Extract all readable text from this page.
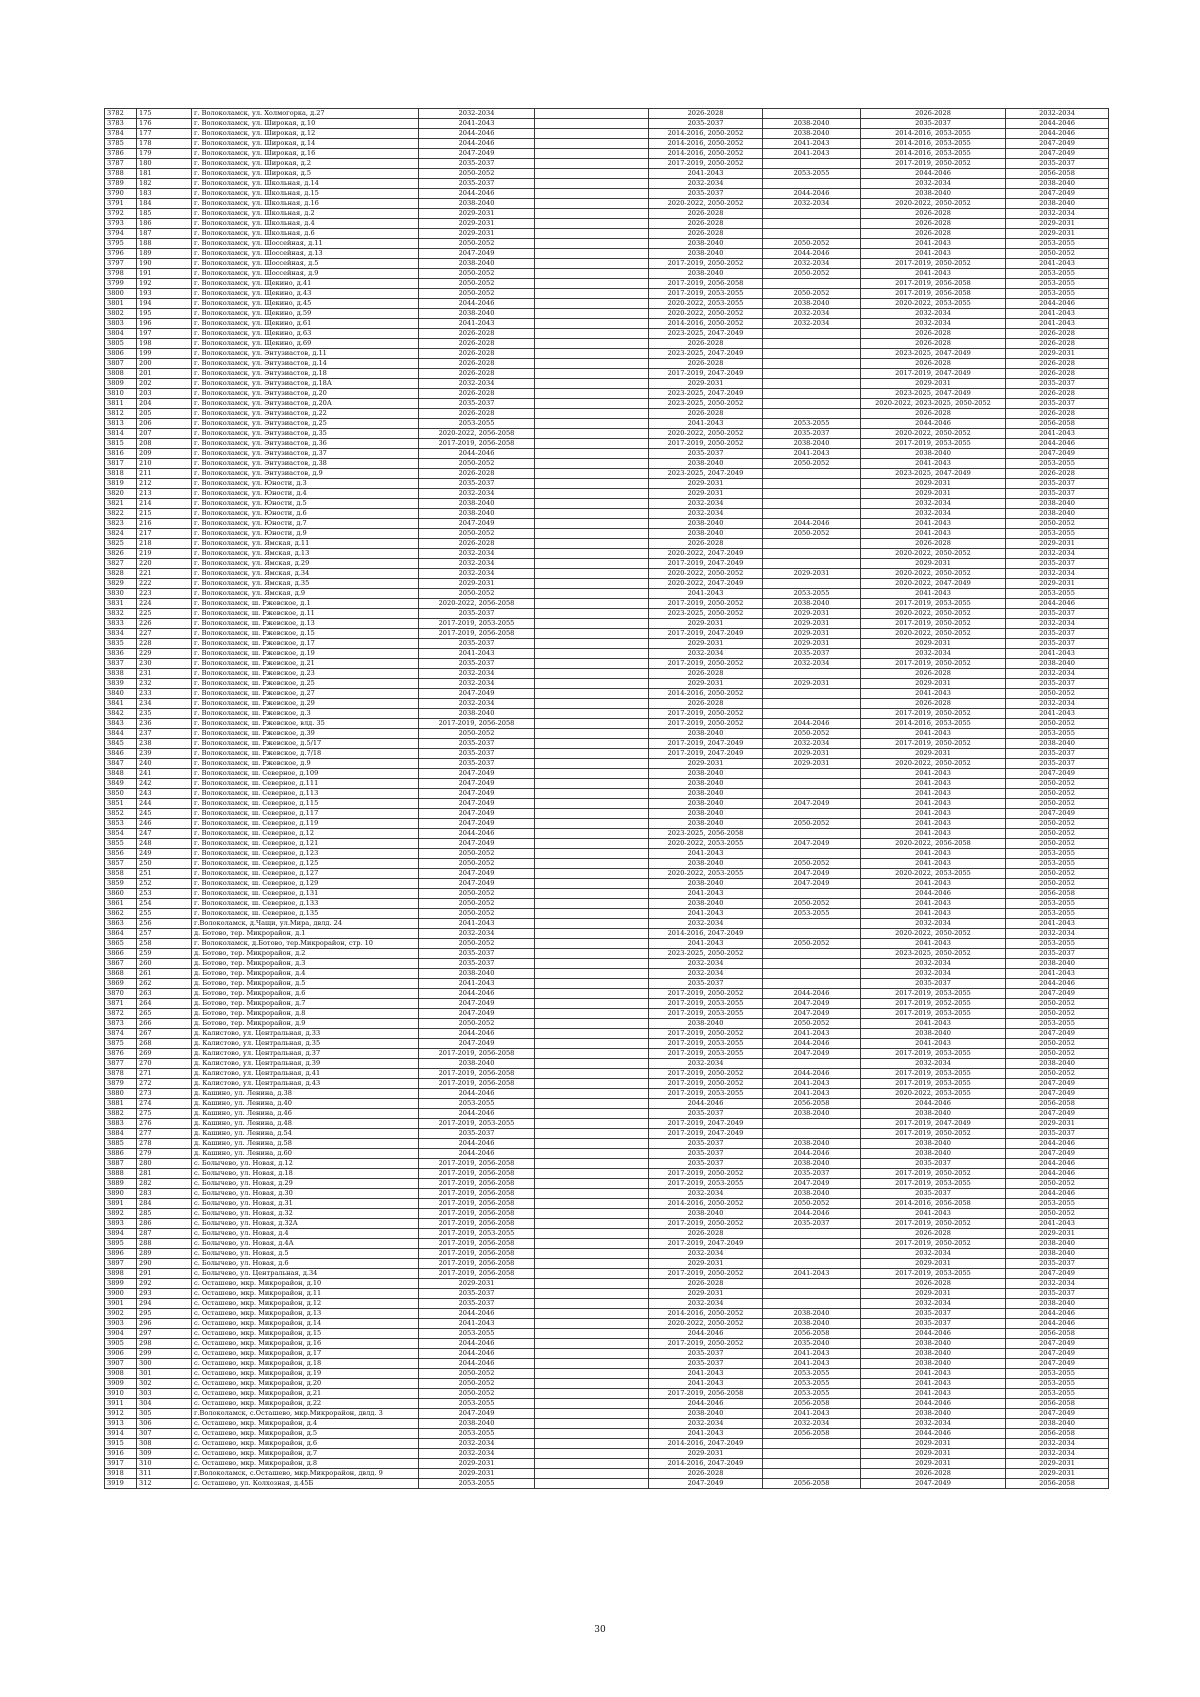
3782	175	г. Волоколамск, ул. Холмогорка, д.27	2032-2034		2026-2028		2026-2028	2032-2034
3783	176	г. Волоколамск, ул. Широкая, д.10	2041-2043		2035-2037	2038-2040	2035-2037	2044-2046
3784	177	г. Волоколамск, ул. Широкая, д.12	2044-2046		2014-2016, 2050-2052	2038-2040	2014-2016, 2053-2055	2044-2046
3785	178	г. Волоколамск, ул. Широкая, д.14	2044-2046		2014-2016, 2050-2052	2041-2043	2014-2016, 2053-2055	2047-2049
3786	179	г. Волоколамск, ул. Широкая, д.16	2047-2049		2014-2016, 2050-2052	2041-2043	2014-2016, 2053-2055	2047-2049
3787	180	г. Волоколамск, ул. Широкая, д.2	2035-2037		2017-2019, 2050-2052		2017-2019, 2050-2052	2035-2037
3788	181	г. Волоколамск, ул. Широкая, д.5	2050-2052		2041-2043	2053-2055	2044-2046	2056-2058
3789	182	г. Волоколамск, ул. Школьная, д.14	2035-2037		2032-2034		2032-2034	2038-2040
3790	183	г. Волоколамск, ул. Школьная, д.15	2044-2046		2035-2037	2044-2046	2038-2040	2047-2049
3791	184	г. Волоколамск, ул. Школьная, д.16	2038-2040		2020-2022, 2050-2052	2032-2034	2020-2022, 2050-2052	2038-2040
3792	185	г. Волоколамск, ул. Школьная, д.2	2029-2031		2026-2028		2026-2028	2032-2034
3793	186	г. Волоколамск, ул. Школьная, д.4	2029-2031		2026-2028		2026-2028	2029-2031
3794	187	г. Волоколамск, ул. Школьная, д.6	2029-2031		2026-2028		2026-2028	2029-2031
3795	188	г. Волоколамск, ул. Шоссейная, д.11	2050-2052		2038-2040	2050-2052	2041-2043	2053-2055
3796	189	г. Волоколамск, ул. Шоссейная, д.13	2047-2049		2038-2040	2044-2046	2041-2043	2050-2052
3797	190	г. Волоколамск, ул. Шоссейная, д.5	2038-2040		2017-2019, 2050-2052	2032-2034	2017-2019, 2050-2052	2041-2043
3798	191	г. Волоколамск, ул. Шоссейная, д.9	2050-2052		2038-2040	2050-2052	2041-2043	2053-2055
3799	192	г. Волоколамск, ул. Щекино, д.41	2050-2052		2017-2019, 2056-2058		2017-2019, 2056-2058	2053-2055
3800	193	г. Волоколамск, ул. Щекино, д.43	2050-2052		2017-2019, 2053-2055	2050-2052	2017-2019, 2056-2058	2053-2055
3801	194	г. Волоколамск, ул. Щекино, д.45	2044-2046		2020-2022, 2053-2055	2038-2040	2020-2022, 2053-2055	2044-2046
3802	195	г. Волоколамск, ул. Щекино, д.59	2038-2040		2020-2022, 2050-2052	2032-2034	2032-2034	2041-2043
3803	196	г. Волоколамск, ул. Щекино, д.61	2041-2043		2014-2016, 2050-2052	2032-2034	2032-2034	2041-2043
3804	197	г. Волоколамск, ул. Щекино, д.63	2026-2028		2023-2025, 2047-2049		2026-2028	2026-2028
3805	198	г. Волоколамск, ул. Щекино, д.69	2026-2028		2026-2028		2026-2028	2026-2028
3806	199	г. Волоколамск, ул. Энтузиастов, д.11	2026-2028		2023-2025, 2047-2049		2023-2025, 2047-2049	2029-2031
3807	200	г. Волоколамск, ул. Энтузиастов, д.14	2026-2028		2026-2028		2026-2028	2026-2028
3808	201	г. Волоколамск, ул. Энтузиастов, д.18	2026-2028		2017-2019, 2047-2049		2017-2019, 2047-2049	2026-2028
3809	202	г. Волоколамск, ул. Энтузиастов, д.18А	2032-2034		2029-2031		2029-2031	2035-2037
3810	203	г. Волоколамск, ул. Энтузиастов, д.20	2026-2028		2023-2025, 2047-2049		2023-2025, 2047-2049	2026-2028
3811	204	г. Волоколамск, ул. Энтузиастов, д.20А	2035-2037		2023-2025, 2050-2052		2020-2022, 2023-2025, 2050-2052	2035-2037
3812	205	г. Волоколамск, ул. Энтузиастов, д.22	2026-2028		2026-2028		2026-2028	2026-2028
3813	206	г. Волоколамск, ул. Энтузиастов, д.25	2053-2055		2041-2043	2053-2055	2044-2046	2056-2058
3814	207	г. Волоколамск, ул. Энтузиастов, д.35	2020-2022, 2056-2058		2020-2022, 2050-2052	2035-2037	2020-2022, 2050-2052	2041-2043
3815	208	г. Волоколамск, ул. Энтузиастов, д.36	2017-2019, 2056-2058		2017-2019, 2050-2052	2038-2040	2017-2019, 2053-2055	2044-2046
3816	209	г. Волоколамск, ул. Энтузиастов, д.37	2044-2046		2035-2037	2041-2043	2038-2040	2047-2049
3817	210	г. Волоколамск, ул. Энтузиастов, д.38	2050-2052		2038-2040	2050-2052	2041-2043	2053-2055
3818	211	г. Волоколамск, ул. Энтузиастов, д.9	2026-2028		2023-2025, 2047-2049		2023-2025, 2047-2049	2026-2028
3819	212	г. Волоколамск, ул. Юности, д.3	2035-2037		2029-2031		2029-2031	2035-2037
3820	213	г. Волоколамск, ул. Юности, д.4	2032-2034		2029-2031		2029-2031	2035-2037
3821	214	г. Волоколамск, ул. Юности, д.5	2038-2040		2032-2034		2032-2034	2038-2040
3822	215	г. Волоколамск, ул. Юности, д.6	2038-2040		2032-2034		2032-2034	2038-2040
3823	216	г. Волоколамск, ул. Юности, д.7	2047-2049		2038-2040	2044-2046	2041-2043	2050-2052
3824	217	г. Волоколамск, ул. Юности, д.9	2050-2052		2038-2040	2050-2052	2041-2043	2053-2055
3825	218	г. Волоколамск, ул. Ямская, д.11	2026-2028		2026-2028		2026-2028	2029-2031
3826	219	г. Волоколамск, ул. Ямская, д.13	2032-2034		2020-2022, 2047-2049		2020-2022, 2050-2052	2032-2034
3827	220	г. Волоколамск, ул. Ямская, д.29	2032-2034		2017-2019, 2047-2049		2029-2031	2035-2037
3828	221	г. Волоколамск, ул. Ямская, д.34	2032-2034		2020-2022, 2050-2052	2029-2031	2020-2022, 2050-2052	2032-2034
3829	222	г. Волоколамск, ул. Ямская, д.35	2029-2031		2020-2022, 2047-2049		2020-2022, 2047-2049	2029-2031
3830	223	г. Волоколамск, ул. Ямская, д.9	2050-2052		2041-2043	2053-2055	2041-2043	2053-2055
3831	224	г. Волоколамск, ш. Ржевское, д.1	2020-2022, 2056-2058		2017-2019, 2050-2052	2038-2040	2017-2019, 2053-2055	2044-2046
3832	225	г. Волоколамск, ш. Ржевское, д.11	2035-2037		2023-2025, 2050-2052	2029-2031	2020-2022, 2050-2052	2035-2037
3833	226	г. Волоколамск, ш. Ржевское, д.13	2017-2019, 2053-2055		2029-2031	2029-2031	2017-2019, 2050-2052	2032-2034
3834	227	г. Волоколамск, ш. Ржевское, д.15	2017-2019, 2056-2058		2017-2019, 2047-2049	2029-2031	2020-2022, 2050-2052	2035-2037
3835	228	г. Волоколамск, ш. Ржевское, д.17	2035-2037		2029-2031	2029-2031	2029-2031	2035-2037
3836	229	г. Волоколамск, ш. Ржевское, д.19	2041-2043		2032-2034	2035-2037	2032-2034	2041-2043
3837	230	г. Волоколамск, ш. Ржевское, д.21	2035-2037		2017-2019, 2050-2052	2032-2034	2017-2019, 2050-2052	2038-2040
3838	231	г. Волоколамск, ш. Ржевское, д.23	2032-2034		2026-2028		2026-2028	2032-2034
3839	232	г. Волоколамск, ш. Ржевское, д.25	2032-2034		2029-2031	2029-2031	2029-2031	2035-2037
3840	233	г. Волоколамск, ш. Ржевское, д.27	2047-2049		2014-2016, 2050-2052		2041-2043	2050-2052
3841	234	г. Волоколамск, ш. Ржевское, д.29	2032-2034		2026-2028		2026-2028	2032-2034
3842	235	г. Волоколамск, ш. Ржевское, д.3	2038-2040		2017-2019, 2050-2052		2017-2019, 2050-2052	2041-2043
3843	236	г. Волоколамск, ш. Ржевское, влд. 35	2017-2019, 2056-2058		2017-2019, 2050-2052	2044-2046	2014-2016, 2053-2055	2050-2052
3844	237	г. Волоколамск, ш. Ржевское, д.39	2050-2052		2038-2040	2050-2052	2041-2043	2053-2055
3845	238	г. Волоколамск, ш. Ржевское, д.5/17	2035-2037		2017-2019, 2047-2049	2032-2034	2017-2019, 2050-2052	2038-2040
3846	239	г. Волоколамск, ш. Ржевское, д.7/18	2035-2037		2017-2019, 2047-2049	2029-2031	2029-2031	2035-2037
3847	240	г. Волоколамск, ш. Ржевское, д.9	2035-2037		2029-2031	2029-2031	2020-2022, 2050-2052	2035-2037
3848	241	г. Волоколамск, ш. Северное, д.109	2047-2049		2038-2040		2041-2043	2047-2049
3849	242	г. Волоколамск, ш. Северное, д.111	2047-2049		2038-2040		2041-2043	2050-2052
3850	243	г. Волоколамск, ш. Северное, д.113	2047-2049		2038-2040		2041-2043	2050-2052
3851	244	г. Волоколамск, ш. Северное, д.115	2047-2049		2038-2040	2047-2049	2041-2043	2050-2052
3852	245	г. Волоколамск, ш. Северное, д.117	2047-2049		2038-2040		2041-2043	2047-2049
3853	246	г. Волоколамск, ш. Северное, д.119	2047-2049		2038-2040	2050-2052	2041-2043	2050-2052
3854	247	г. Волоколамск, ш. Северное, д.12	2044-2046		2023-2025, 2056-2058		2041-2043	2050-2052
3855	248	г. Волоколамск, ш. Северное, д.121	2047-2049		2020-2022, 2053-2055	2047-2049	2020-2022, 2056-2058	2050-2052
3856	249	г. Волоколамск, ш. Северное, д.123	2050-2052		2041-2043		2041-2043	2053-2055
3857	250	г. Волоколамск, ш. Северное, д.125	2050-2052		2038-2040	2050-2052	2041-2043	2053-2055
3858	251	г. Волоколамск, ш. Северное, д.127	2047-2049		2020-2022, 2053-2055	2047-2049	2020-2022, 2053-2055	2050-2052
3859	252	г. Волоколамск, ш. Северное, д.129	2047-2049		2038-2040	2047-2049	2041-2043	2050-2052
3860	253	г. Волоколамск, ш. Северное, д.131	2050-2052		2041-2043		2044-2046	2056-2058
3861	254	г. Волоколамск, ш. Северное, д.133	2050-2052		2038-2040	2050-2052	2041-2043	2053-2055
3862	255	г. Волоколамск, ш. Северное, д.135	2050-2052		2041-2043	2053-2055	2041-2043	2053-2055
3863	256	г.Волоколамск, д.Чащи, ул.Мира, двлд. 24	2041-2043		2032-2034		2032-2034	2041-2043
3864	257	д. Ботово, тер. Микрорайон, д.1	2032-2034		2014-2016, 2047-2049		2020-2022, 2050-2052	2032-2034
3865	258	г. Волоколамск, д.Ботово, тер.Микрорайон, стр. 10	2050-2052		2041-2043	2050-2052	2041-2043	2053-2055
3866	259	д. Ботово, тер. Микрорайон, д.2	2035-2037		2023-2025, 2050-2052		2023-2025, 2050-2052	2035-2037
3867	260	д. Ботово, тер. Микрорайон, д.3	2035-2037		2032-2034		2032-2034	2038-2040
3868	261	д. Ботово, тер. Микрорайон, д.4	2038-2040		2032-2034		2032-2034	2041-2043
3869	262	д. Ботово, тер. Микрорайон, д.5	2041-2043		2035-2037		2035-2037	2044-2046
3870	263	д. Ботово, тер. Микрорайон, д.6	2044-2046		2017-2019, 2050-2052	2044-2046	2017-2019, 2053-2055	2047-2049
3871	264	д. Ботово, тер. Микрорайон, д.7	2047-2049		2017-2019, 2053-2055	2047-2049	2017-2019, 2052-2055	2050-2052
3872	265	д. Ботово, тер. Микрорайон, д.8	2047-2049		2017-2019, 2053-2055	2047-2049	2017-2019, 2053-2055	2050-2052
3873	266	д. Ботово, тер. Микрорайон, д.9	2050-2052		2038-2040	2050-2052	2041-2043	2053-2055
3874	267	д. Калистово, ул. Центральная, д.33	2044-2046		2017-2019, 2050-2052	2041-2043	2038-2040	2047-2049
3875	268	д. Калистово, ул. Центральная, д.35	2047-2049		2017-2019, 2053-2055	2044-2046	2041-2043	2050-2052
3876	269	д. Калистово, ул. Центральная, д.37	2017-2019, 2056-2058		2017-2019, 2053-2055	2047-2049	2017-2019, 2053-2055	2050-2052
3877	270	д. Калистово, ул. Центральная, д.39	2038-2040		2032-2034		2032-2034	2038-2040
3878	271	д. Калистово, ул. Центральная, д.41	2017-2019, 2056-2058		2017-2019, 2050-2052	2044-2046	2017-2019, 2053-2055	2050-2052
3879	272	д. Калистово, ул. Центральная, д.43	2017-2019, 2056-2058		2017-2019, 2050-2052	2041-2043	2017-2019, 2053-2055	2047-2049
3880	273	д. Кашино, ул. Ленина, д.38	2044-2046		2017-2019, 2053-2055	2041-2043	2020-2022, 2053-2055	2047-2049
3881	274	д. Кашино, ул. Ленина, д.40	2053-2055		2044-2046	2056-2058	2044-2046	2056-2058
3882	275	д. Кашино, ул. Ленина, д.46	2044-2046		2035-2037	2038-2040	2038-2040	2047-2049
3883	276	д. Кашино, ул. Ленина, д.48	2017-2019, 2053-2055		2017-2019, 2047-2049		2017-2019, 2047-2049	2029-2031
3884	277	д. Кашино, ул. Ленина, д.54	2035-2037		2017-2019, 2047-2049		2017-2019, 2050-2052	2035-2037
3885	278	д. Кашино, ул. Ленина, д.58	2044-2046		2035-2037	2038-2040	2038-2040	2044-2046
3886	279	д. Кашино, ул. Ленина, д.60	2044-2046		2035-2037	2044-2046	2038-2040	2047-2049
3887	280	с. Болычево, ул. Новая, д.12	2017-2019, 2056-2058		2035-2037	2038-2040	2035-2037	2044-2046
3888	281	с. Болычево, ул. Новая, д.18	2017-2019, 2056-2058		2017-2019, 2050-2052	2035-2037	2017-2019, 2050-2052	2044-2046
3889	282	с. Болычево, ул. Новая, д.29	2017-2019, 2056-2058		2017-2019, 2053-2055	2047-2049	2017-2019, 2053-2055	2050-2052
3890	283	с. Болычево, ул. Новая, д.30	2017-2019, 2056-2058		2032-2034	2038-2040	2035-2037	2044-2046
3891	284	с. Болычево, ул. Новая, д.31	2017-2019, 2056-2058		2014-2016, 2050-2052	2050-2052	2014-2016, 2056-2058	2053-2055
3892	285	с. Болычево, ул. Новая, д.32	2017-2019, 2056-2058		2038-2040	2044-2046	2041-2043	2050-2052
3893	286	с. Болычево, ул. Новая, д.32А	2017-2019, 2056-2058		2017-2019, 2050-2052	2035-2037	2017-2019, 2050-2052	2041-2043
3894	287	с. Болычево, ул. Новая, д.4	2017-2019, 2053-2055		2026-2028		2026-2028	2029-2031
3895	288	с. Болычево, ул. Новая, д.4А	2017-2019, 2056-2058		2017-2019, 2047-2049		2017-2019, 2050-2052	2038-2040
3896	289	с. Болычево, ул. Новая, д.5	2017-2019, 2056-2058		2032-2034		2032-2034	2038-2040
3897	290	с. Болычево, ул. Новая, д.6	2017-2019, 2056-2058		2029-2031		2029-2031	2035-2037
3898	291	с. Болычево, ул. Центральная, д.34	2017-2019, 2056-2058		2017-2019, 2050-2052	2041-2043	2017-2019, 2053-2055	2047-2049
3899	292	с. Осташево, мкр. Микрорайон, д.10	2029-2031		2026-2028		2026-2028	2032-2034
3900	293	с. Осташево, мкр. Микрорайон, д.11	2035-2037		2029-2031		2029-2031	2035-2037
3901	294	с. Осташево, мкр. Микрорайон, д.12	2035-2037		2032-2034		2032-2034	2038-2040
3902	295	с. Осташево, мкр. Микрорайон, д.13	2044-2046		2014-2016, 2050-2052	2038-2040	2035-2037	2044-2046
3903	296	с. Осташево, мкр. Микрорайон, д.14	2041-2043		2020-2022, 2050-2052	2038-2040	2035-2037	2044-2046
3904	297	с. Осташево, мкр. Микрорайон, д.15	2053-2055		2044-2046	2056-2058	2044-2046	2056-2058
3905	298	с. Осташево, мкр. Микрорайон, д.16	2044-2046		2017-2019, 2050-2052	2035-2040	2038-2040	2047-2049
3906	299	с. Осташево, мкр. Микрорайон, д.17	2044-2046		2035-2037	2041-2043	2038-2040	2047-2049
3907	300	с. Осташево, мкр. Микрорайон, д.18	2044-2046		2035-2037	2041-2043	2038-2040	2047-2049
3908	301	с. Осташево, мкр. Микрорайон, д.19	2050-2052		2041-2043	2053-2055	2041-2043	2053-2055
3909	302	с. Осташево, мкр. Микрорайон, д.20	2050-2052		2041-2043	2053-2055	2041-2043	2053-2055
3910	303	с. Осташево, мкр. Микрорайон, д.21	2050-2052		2017-2019, 2056-2058	2053-2055	2041-2043	2053-2055
3911	304	с. Осташево, мкр. Микрорайон, д.22	2053-2055		2044-2046	2056-2058	2044-2046	2056-2058
3912	305	г.Волоколамск, с.Осташево, мкр.Микрорайон, двлд. 3	2047-2049		2038-2040	2041-2043	2038-2040	2047-2049
3913	306	с. Осташево, мкр. Микрорайон, д.4	2038-2040		2032-2034	2032-2034	2032-2034	2038-2040
3914	307	с. Осташево, мкр. Микрорайон, д.5	2053-2055		2041-2043	2056-2058	2044-2046	2056-2058
3915	308	с. Осташево, мкр. Микрорайон, д.6	2032-2034		2014-2016, 2047-2049		2029-2031	2032-2034
3916	309	с. Осташево, мкр. Микрорайон, д.7	2032-2034		2029-2031		2029-2031	2032-2034
3917	310	с. Осташево, мкр. Микрорайон, д.8	2029-2031		2014-2016, 2047-2049		2029-2031	2029-2031
3918	311	г.Волоколамск, с.Осташево, мкр.Микрорайон, двлд. 9	2029-2031		2026-2028		2026-2028	2029-2031
3919	312	с. Осташево, ул. Колхозная, д.45Б	2053-2055		2047-2049	2056-2058	2047-2049	2056-2058
30
